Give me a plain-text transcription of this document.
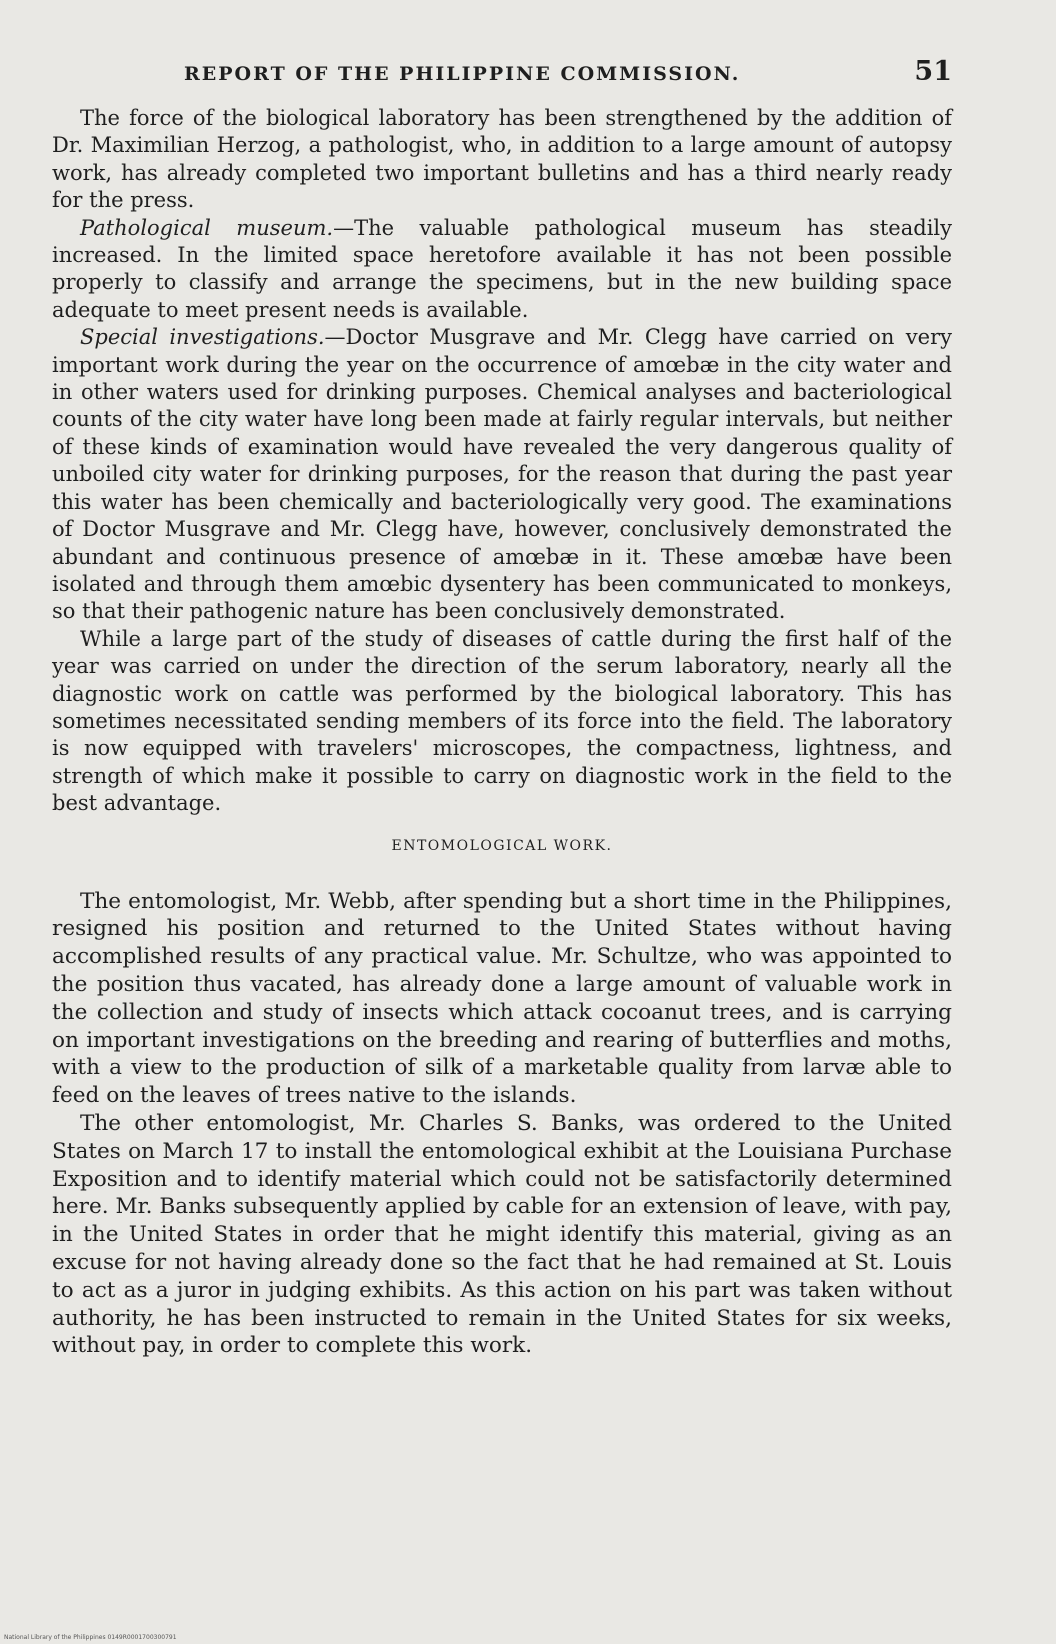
REPORT OF THE PHILIPPINE COMMISSION.	51

The force of the biological laboratory has been strengthened by the addition of Dr. Maximilian Herzog, a pathologist, who, in addition to a large amount of autopsy work, has already completed two important bulletins and has a third nearly ready for the press.

Pathological museum.—The valuable pathological museum has steadily increased. In the limited space heretofore available it has not been possible properly to classify and arrange the specimens, but in the new building space adequate to meet present needs is available.

Special investigations.—Doctor Musgrave and Mr. Clegg have carried on very important work during the year on the occurrence of amœbæ in the city water and in other waters used for drinking purposes. Chemical analyses and bacteriological counts of the city water have long been made at fairly regular intervals, but neither of these kinds of examination would have revealed the very dangerous quality of unboiled city water for drinking purposes, for the reason that during the past year this water has been chemically and bacteriologically very good. The examinations of Doctor Musgrave and Mr. Clegg have, however, conclusively demonstrated the abundant and continuous presence of amœbæ in it. These amœbæ have been isolated and through them amœbic dysentery has been communicated to monkeys, so that their pathogenic nature has been conclusively demonstrated.

While a large part of the study of diseases of cattle during the first half of the year was carried on under the direction of the serum laboratory, nearly all the diagnostic work on cattle was performed by the biological laboratory. This has sometimes necessitated sending members of its force into the field. The laboratory is now equipped with travelers' microscopes, the compactness, lightness, and strength of which make it possible to carry on diagnostic work in the field to the best advantage.

ENTOMOLOGICAL WORK.

The entomologist, Mr. Webb, after spending but a short time in the Philippines, resigned his position and returned to the United States without having accomplished results of any practical value. Mr. Schultze, who was appointed to the position thus vacated, has already done a large amount of valuable work in the collection and study of insects which attack cocoanut trees, and is carrying on important investigations on the breeding and rearing of butterflies and moths, with a view to the production of silk of a marketable quality from larvæ able to feed on the leaves of trees native to the islands.

The other entomologist, Mr. Charles S. Banks, was ordered to the United States on March 17 to install the entomological exhibit at the Louisiana Purchase Exposition and to identify material which could not be satisfactorily determined here. Mr. Banks subsequently applied by cable for an extension of leave, with pay, in the United States in order that he might identify this material, giving as an excuse for not having already done so the fact that he had remained at St. Louis to act as a juror in judging exhibits. As this action on his part was taken without authority, he has been instructed to remain in the United States for six weeks, without pay, in order to complete this work.

National Library of the Philippines 0149R0001700300791
